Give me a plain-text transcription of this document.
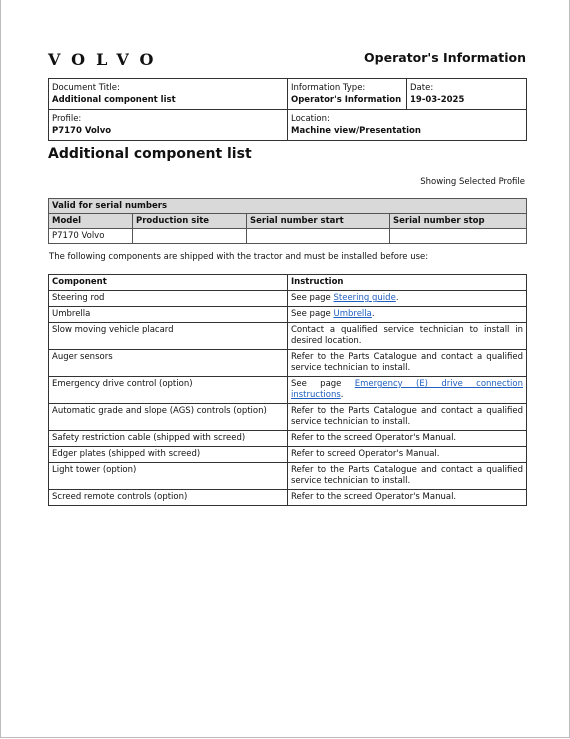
VOLVO	Operator's Information
Document Title:
Additional component list	Information Type:
Operator's Information	Date:
19-03-2025

Profile:
P7170 Volvo	Location:
Machine view/Presentation	
Additional component list
Showing Selected Profile
Valid for serial numbers			
Model	Production site	Serial number start	Serial number stop
P7170 Volvo			

The following components are shipped with the tractor and must be installed before use:

Component	Instruction
Steering rod	See page Steering guide.
Umbrella	See page Umbrella.
Slow moving vehicle placard	Contact a qualified service technician to install in desired location.
Auger sensors	Refer to the Parts Catalogue and contact a qualified service technician to install.
Emergency drive control (option)	See page Emergency (E) drive connection instructions.
Automatic grade and slope (AGS) controls (option)	Refer to the Parts Catalogue and contact a qualified service technician to install.
Safety restriction cable (shipped with screed)	Refer to the screed Operator's Manual.
Edger plates (shipped with screed)	Refer to screed Operator's Manual.
Light tower (option)	Refer to the Parts Catalogue and contact a qualified service technician to install.
Screed remote controls (option)	Refer to the screed Operator's Manual.
